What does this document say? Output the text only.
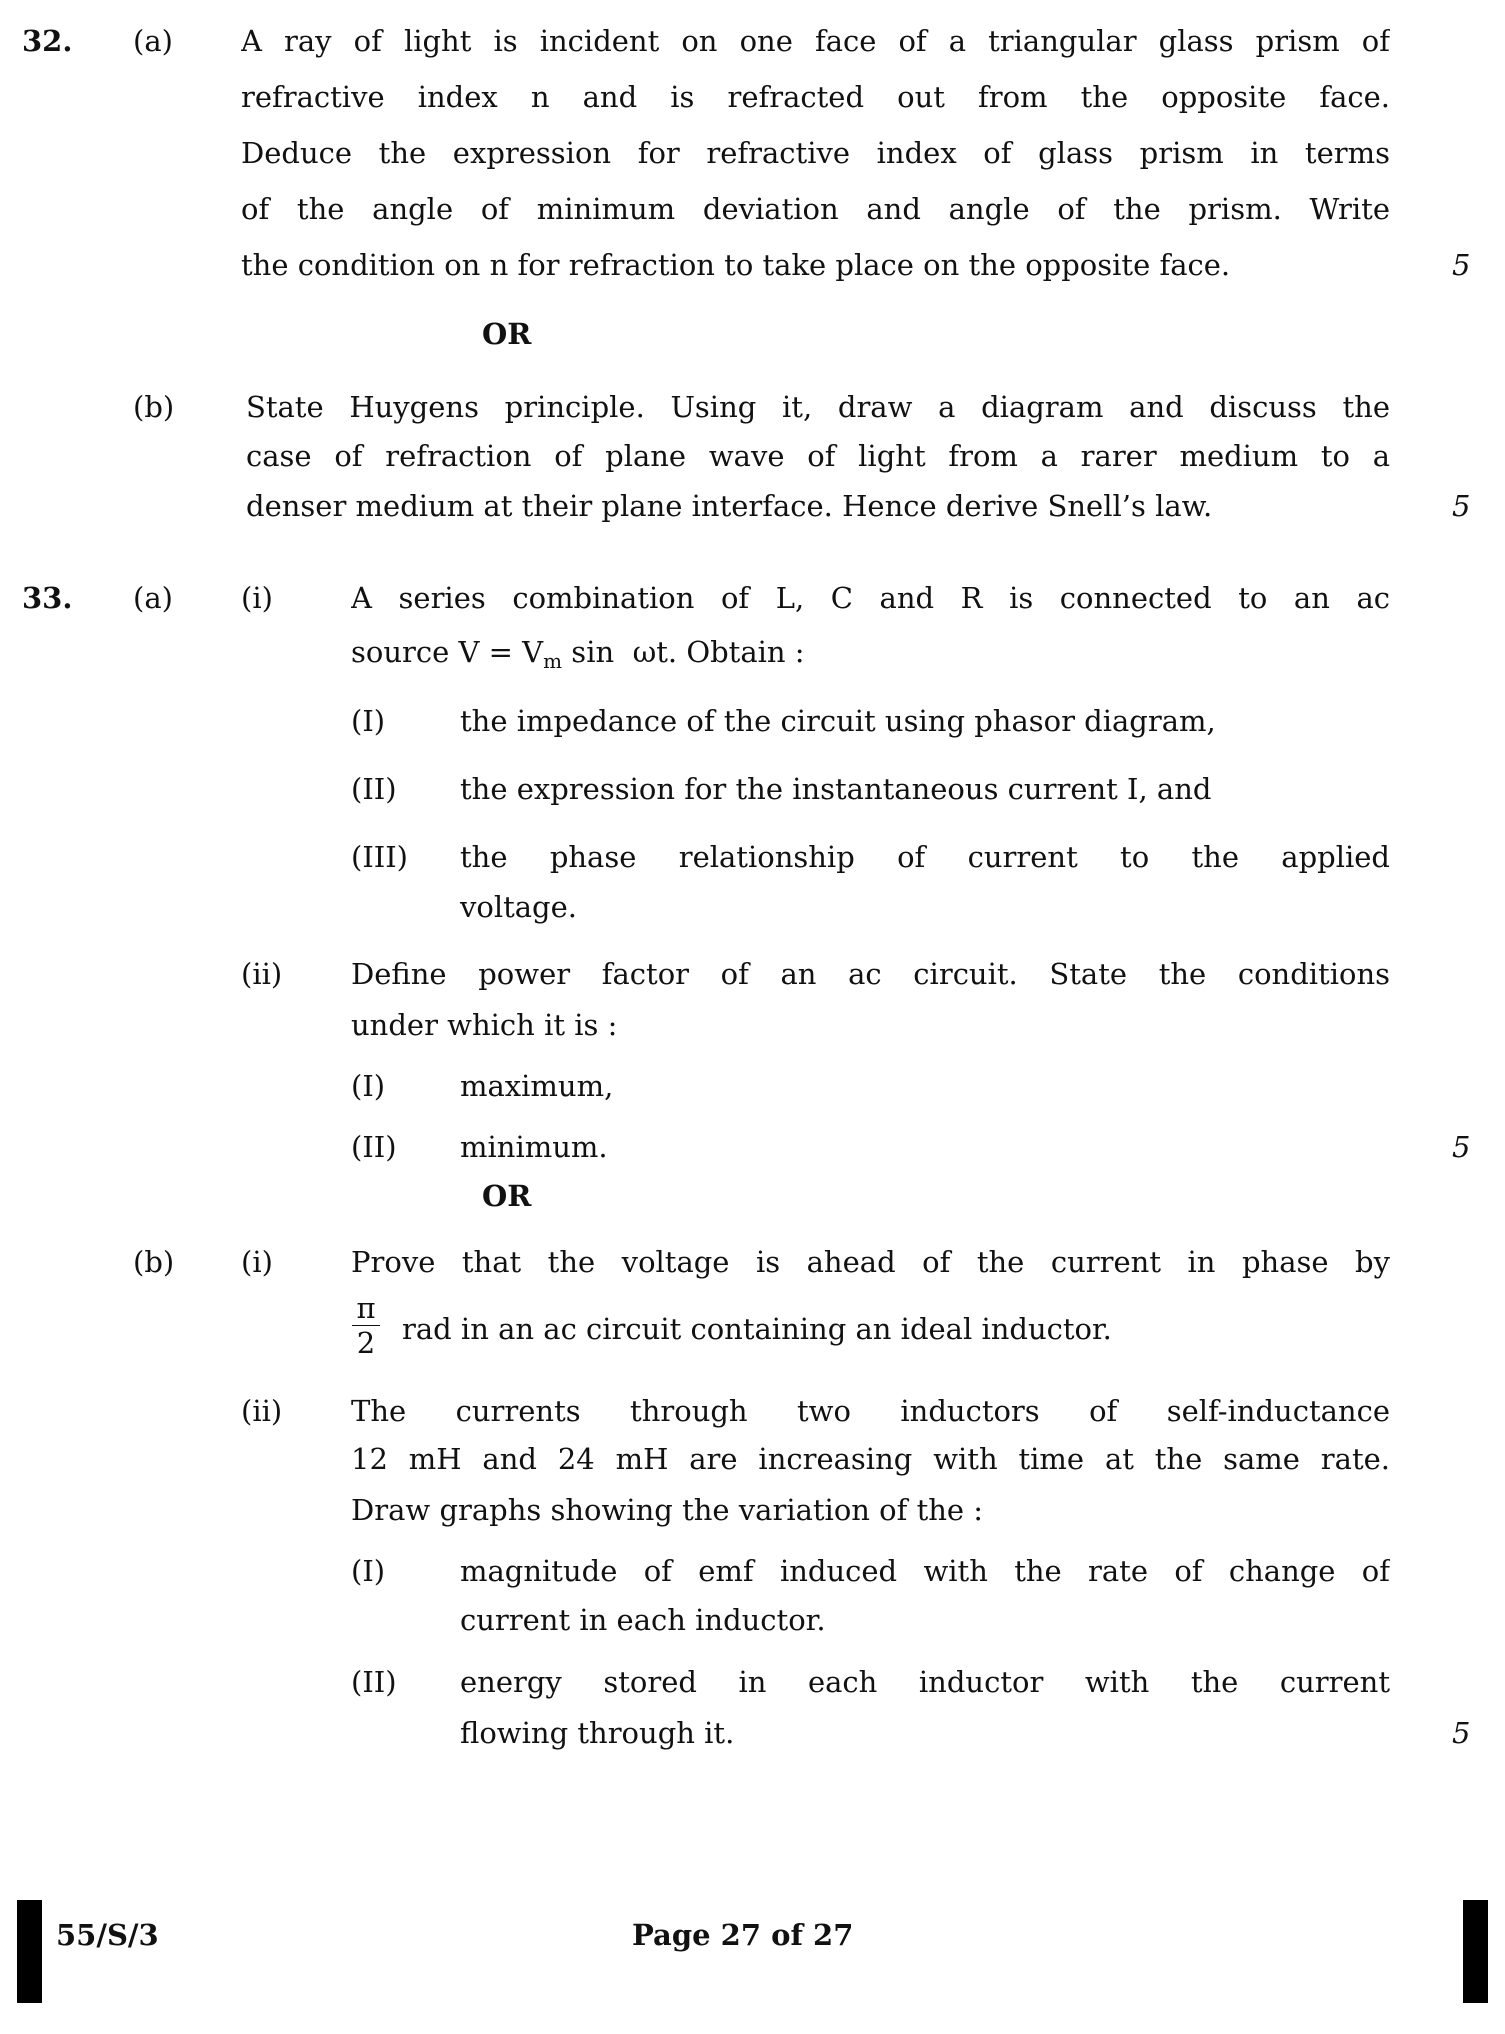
32. (a) A ray of light is incident on one face of a triangular glass prism of
refractive index n and is refracted out from the opposite face.
Deduce the expression for refractive index of glass prism in terms
of the angle of minimum deviation and angle of the prism. Write
the condition on n for refraction to take place on the opposite face.	5
OR
(b) State Huygens principle. Using it, draw a diagram and discuss the
case of refraction of plane wave of light from a rarer medium to a
denser medium at their plane interface. Hence derive Snell’s law.	5
33. (a) (i)	A series combination of L, C and R is connected to an ac
source $V = V_m$ sin  ωt. Obtain :
(I)	the impedance of the circuit using phasor diagram,
(II) the expression for the instantaneous current I, and
(III) the phase relationship of current to the applied
voltage.
(ii) Define power factor of an ac circuit. State the conditions
under which it is :
(I)	maximum,
(II) minimum.	5
OR
(b) (i)	Prove that the voltage is ahead of the current in phase by
π
2 rad in an ac circuit containing an ideal inductor.
(ii) The currents through two inductors of self-inductance
12 mH and 24 mH are increasing with time at the same rate.
Draw graphs showing the variation of the :
(I)	magnitude of emf induced with the rate of change of
current in each inductor.
(II) energy stored in each inductor with the current
flowing through it.	5
55/S/3	Page 27 of 27
